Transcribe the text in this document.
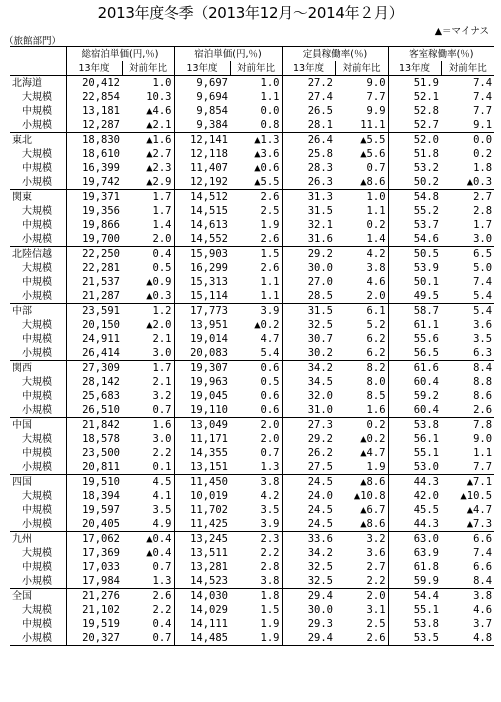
2013年度冬季（2013年12月～2014年２月）
▲＝マイナス
（旅館部門）
	総宿泊単価(円,％)		宿泊単価(円,％)		定員稼働率(％)		客室稼働率(％)	
	13年度	対前年比	13年度	対前年比	13年度	対前年比	13年度	対前年比
北海道	20,412	1.0	9,697	1.0	27.2	9.0	51.9	7.4
大規模	22,854	10.3	9,694	1.1	27.4	7.7	52.1	7.4
中規模	13,181	▲4.6	9,854	0.0	26.5	9.9	52.8	7.7
小規模	12,287	▲2.1	9,384	0.8	28.1	11.1	52.7	9.1
東北	18,830	▲1.6	12,141	▲1.3	26.4	▲5.5	52.0	0.0
大規模	18,610	▲2.7	12,118	▲3.6	25.8	▲5.6	51.8	0.2
中規模	16,399	▲2.3	11,407	▲0.6	28.3	0.7	53.2	1.8
小規模	19,742	▲2.9	12,192	▲5.5	26.3	▲8.6	50.2	▲0.3
関東	19,371	1.7	14,512	2.6	31.3	1.0	54.8	2.7
大規模	19,356	1.7	14,515	2.5	31.5	1.1	55.2	2.8
中規模	19,866	1.4	14,613	1.9	32.1	0.2	53.7	1.7
小規模	19,700	2.0	14,552	2.6	31.6	1.4	54.6	3.0
北陸信越	22,250	0.4	15,903	1.5	29.2	4.2	50.5	6.5
大規模	22,281	0.5	16,299	2.6	30.0	3.8	53.9	5.0
中規模	21,537	▲0.9	15,313	1.1	27.0	4.6	50.1	7.4
小規模	21,287	▲0.3	15,114	1.1	28.5	2.0	49.5	5.4
中部	23,591	1.2	17,773	3.9	31.5	6.1	58.7	5.4
大規模	20,150	▲2.0	13,951	▲0.2	32.5	5.2	61.1	3.6
中規模	24,911	2.1	19,014	4.7	30.7	6.2	55.6	3.5
小規模	26,414	3.0	20,083	5.4	30.2	6.2	56.5	6.3
関西	27,309	1.7	19,307	0.6	34.2	8.2	61.6	8.4
大規模	28,142	2.1	19,963	0.5	34.5	8.0	60.4	8.8
中規模	25,683	3.2	19,045	0.6	32.0	8.5	59.2	8.6
小規模	26,510	0.7	19,110	0.6	31.0	1.6	60.4	2.6
中国	21,842	1.6	13,049	2.0	27.3	0.2	53.8	7.8
大規模	18,578	3.0	11,171	2.0	29.2	▲0.2	56.1	9.0
中規模	23,500	2.2	14,355	0.7	26.2	▲4.7	55.1	1.1
小規模	20,811	0.1	13,151	1.3	27.5	1.9	53.0	7.7
四国	19,510	4.5	11,450	3.8	24.5	▲8.6	44.3	▲7.1
大規模	18,394	4.1	10,019	4.2	24.0	▲10.8	42.0	▲10.5
中規模	19,597	3.5	11,702	3.5	24.5	▲6.7	45.5	▲4.7
小規模	20,405	4.9	11,425	3.9	24.5	▲8.6	44.3	▲7.3
九州	17,062	▲0.4	13,245	2.3	33.6	3.2	63.0	6.6
大規模	17,369	▲0.4	13,511	2.2	34.2	3.6	63.9	7.4
中規模	17,033	0.7	13,281	2.8	32.5	2.7	61.8	6.6
小規模	17,984	1.3	14,523	3.8	32.5	2.2	59.9	8.4
全国	21,276	2.6	14,030	1.8	29.4	2.0	54.4	3.8
大規模	21,102	2.2	14,029	1.5	30.0	3.1	55.1	4.6
中規模	19,519	0.4	14,111	1.9	29.3	2.5	53.8	3.7
小規模	20,327	0.7	14,485	1.9	29.4	2.6	53.5	4.8
